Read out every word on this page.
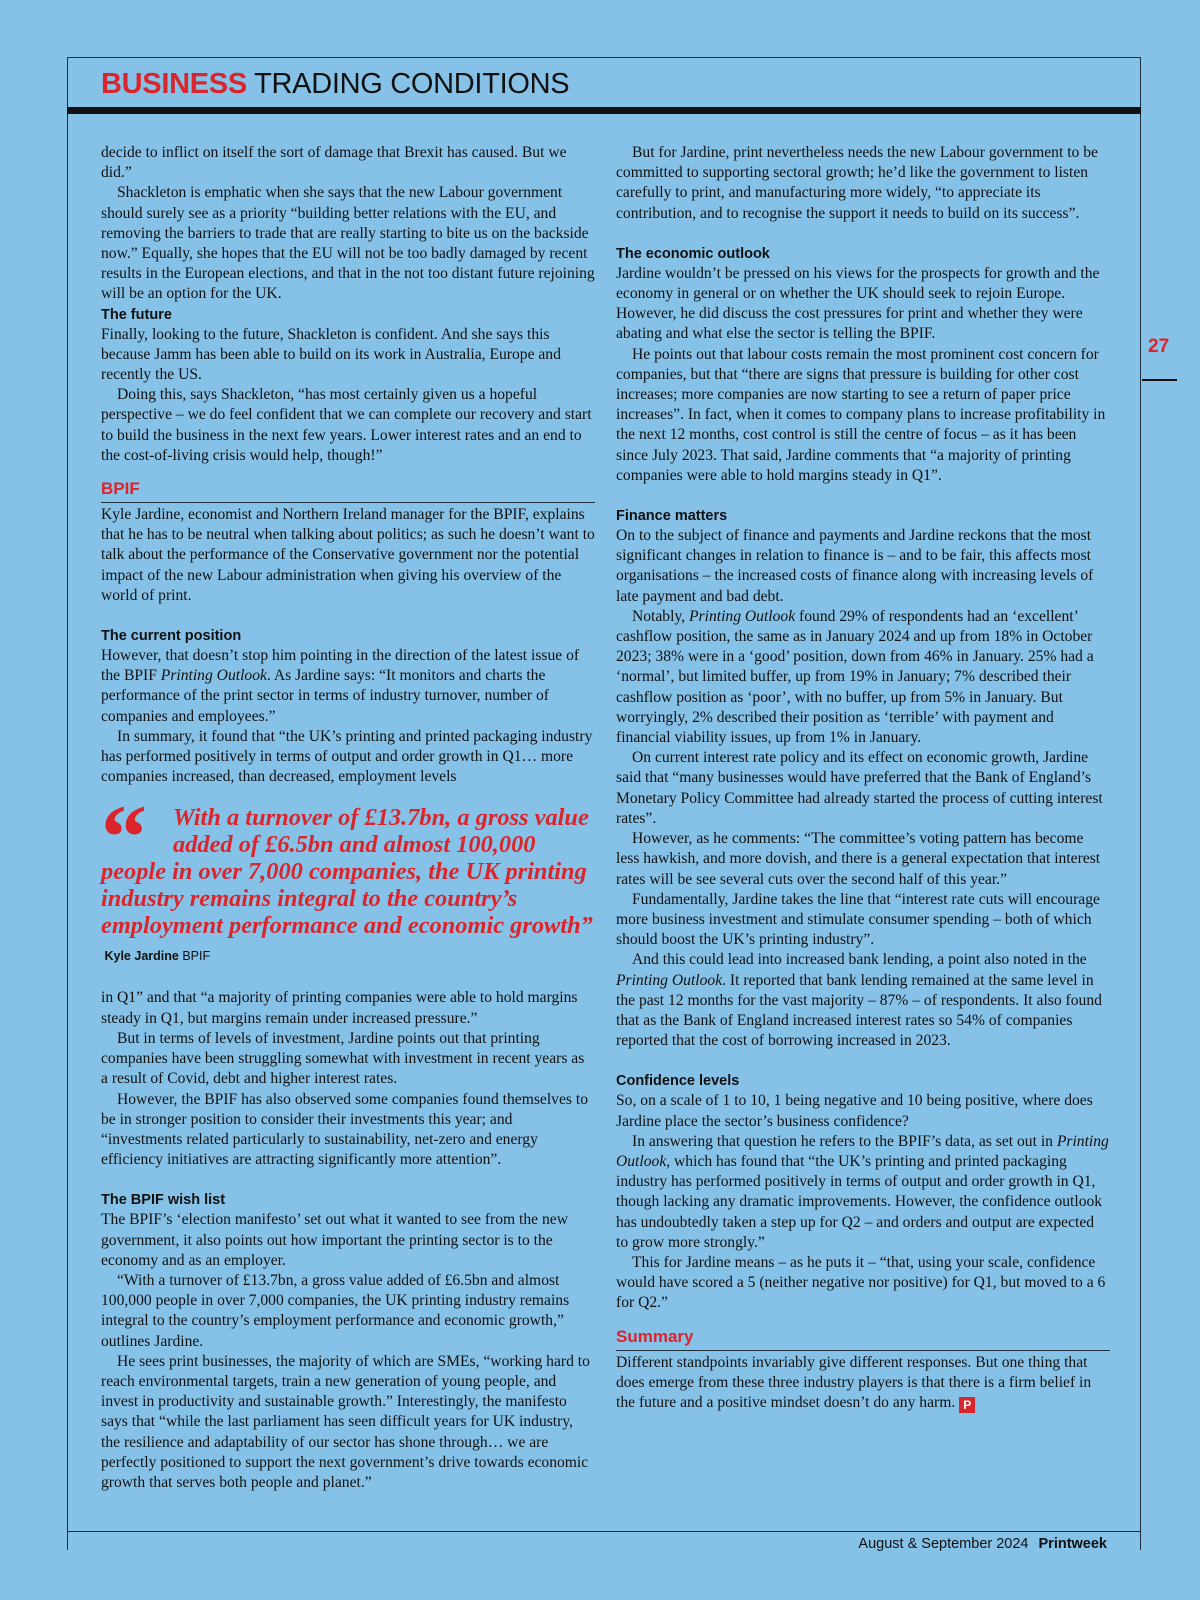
BUSINESS TRADING CONDITIONS
27

decide to inflict on itself the sort of damage that Brexit has caused. But we did.”

Shackleton is emphatic when she says that the new Labour government should surely see as a priority “building better relations with the EU, and removing the barriers to trade that are really starting to bite us on the backside now.” Equally, she hopes that the EU will not be too badly damaged by recent results in the European elections, and that in the not too distant future rejoining will be an option for the UK.

The future

Finally, looking to the future, Shackleton is confident. And she says this because Jamm has been able to build on its work in Australia, Europe and recently the US.

Doing this, says Shackleton, “has most certainly given us a hopeful perspective – we do feel confident that we can complete our recovery and start to build the business in the next few years. Lower interest rates and an end to the cost-of-living crisis would help, though!”

BPIF

Kyle Jardine, economist and Northern Ireland manager for the BPIF, explains that he has to be neutral when talking about politics; as such he doesn’t want to talk about the performance of the Conservative government nor the potential impact of the new Labour administration when giving his overview of the world of print.

The current position

However, that doesn’t stop him pointing in the direction of the latest issue of the BPIF Printing Outlook. As Jardine says: “It monitors and charts the performance of the print sector in terms of industry turnover, number of companies and employees.”

In summary, it found that “the UK’s printing and printed packaging industry has performed positively in terms of output and order growth in Q1… more companies increased, than decreased, employment levels

“	With a turnover of £13.7bn, a gross value added of £6.5bn and almost 100,000 people in over 7,000 companies, the UK printing industry remains integral to the country’s employment performance and economic growth”  Kyle Jardine BPIF

in Q1” and that “a majority of printing companies were able to hold margins steady in Q1, but margins remain under increased pressure.”

But in terms of levels of investment, Jardine points out that printing companies have been struggling somewhat with investment in recent years as a result of Covid, debt and higher interest rates.

However, the BPIF has also observed some companies found themselves to be in stronger position to consider their investments this year; and “investments related particularly to sustainability, net-zero and energy efficiency initiatives are attracting significantly more attention”.

The BPIF wish list

The BPIF’s ‘election manifesto’ set out what it wanted to see from the new government, it also points out how important the printing sector is to the economy and as an employer.

“With a turnover of £13.7bn, a gross value added of £6.5bn and almost 100,000 people in over 7,000 companies, the UK printing industry remains integral to the country’s employment performance and economic growth,” outlines Jardine.

He sees print businesses, the majority of which are SMEs, “working hard to reach environmental targets, train a new generation of young people, and invest in productivity and sustainable growth.” Interestingly, the manifesto says that “while the last parliament has seen difficult years for UK industry, the resilience and adaptability of our sector has shone through… we are perfectly positioned to support the next government’s drive towards economic growth that serves both people and planet.”

But for Jardine, print nevertheless needs the new Labour government to be committed to supporting sectoral growth; he’d like the government to listen carefully to print, and manufacturing more widely, “to appreciate its contribution, and to recognise the support it needs to build on its success”.

The economic outlook

Jardine wouldn’t be pressed on his views for the prospects for growth and the economy in general or on whether the UK should seek to rejoin Europe. However, he did discuss the cost pressures for print and whether they were abating and what else the sector is telling the BPIF.

He points out that labour costs remain the most prominent cost concern for companies, but that “there are signs that pressure is building for other cost increases; more companies are now starting to see a return of paper price increases”. In fact, when it comes to company plans to increase profitability in the next 12 months, cost control is still the centre of focus – as it has been since July 2023. That said, Jardine comments that “a majority of printing companies were able to hold margins steady in Q1”.

Finance matters

On to the subject of finance and payments and Jardine reckons that the most significant changes in relation to finance is – and to be fair, this affects most organisations – the increased costs of finance along with increasing levels of late payment and bad debt.

Notably, Printing Outlook found 29% of respondents had an ‘excellent’ cashflow position, the same as in January 2024 and up from 18% in October 2023; 38% were in a ‘good’ position, down from 46% in January. 25% had a ‘normal’, but limited buffer, up from 19% in January; 7% described their cashflow position as ‘poor’, with no buffer, up from 5% in January. But worryingly, 2% described their position as ‘terrible’ with payment and financial viability issues, up from 1% in January.

On current interest rate policy and its effect on economic growth, Jardine said that “many businesses would have preferred that the Bank of England’s Monetary Policy Committee had already started the process of cutting interest rates”.

However, as he comments: “The committee’s voting pattern has become less hawkish, and more dovish, and there is a general expectation that interest rates will be see several cuts over the second half of this year.”

Fundamentally, Jardine takes the line that “interest rate cuts will encourage more business investment and stimulate consumer spending – both of which should boost the UK’s printing industry”.

And this could lead into increased bank lending, a point also noted in the Printing Outlook. It reported that bank lending remained at the same level in the past 12 months for the vast majority – 87% – of respondents. It also found that as the Bank of England increased interest rates so 54% of companies reported that the cost of borrowing increased in 2023.

Confidence levels

So, on a scale of 1 to 10, 1 being negative and 10 being positive, where does Jardine place the sector’s business confidence?

In answering that question he refers to the BPIF’s data, as set out in Printing Outlook, which has found that “the UK’s printing and printed packaging industry has performed positively in terms of output and order growth in Q1, though lacking any dramatic improvements. However, the confidence outlook has undoubtedly taken a step up for Q2 – and orders and output are expected to grow more strongly.”

This for Jardine means – as he puts it – “that, using your scale, confidence would have scored a 5 (neither negative nor positive) for Q1, but moved to a 6 for Q2.”

Summary

Different standpoints invariably give different responses. But one thing that does emerge from these three industry players is that there is a firm belief in the future and a positive mindset doesn’t do any harm. P

August & September 2024 Printweek
